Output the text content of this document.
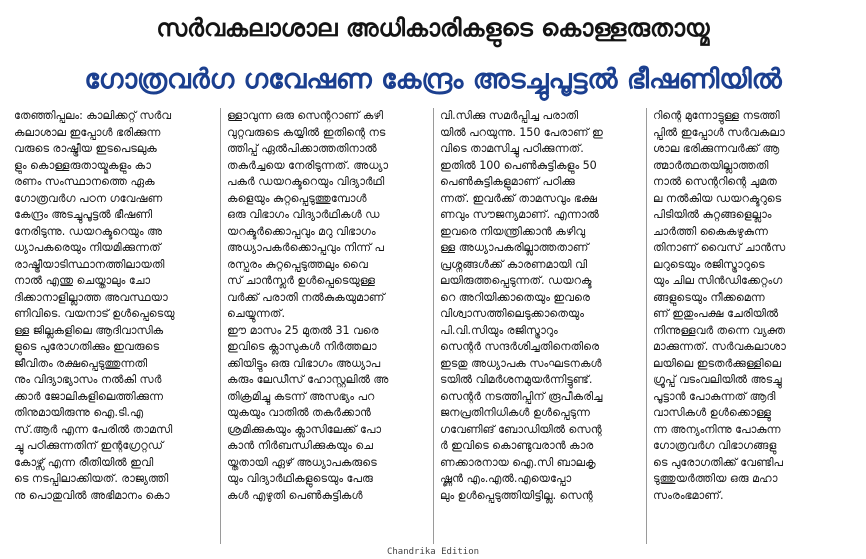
സർവകലാശാല അധികാരികളുടെ കൊള്ളരുതായ്മ
ഗോത്രവർഗ ഗവേഷണ കേന്ദ്രം അടച്ചുപൂട്ടൽ ഭീഷണിയിൽ
തേഞ്ഞിപ്പലം: കാലിക്കറ്റ് സർവ
കലാശാല ഇപ്പോൾ ഭരിക്കുന്ന
വരുടെ രാഷ്ട്രീയ ഇടപെടലുക
ളും കൊള്ളരുതായ്മകളും കാ
രണം സംസ്ഥാനത്തെ ഏക
ഗോത്രവർഗ പഠന ഗവേഷണ
കേന്ദ്രം അടച്ചുപൂട്ടൽ ഭീഷണി
നേരിടുന്നു. ഡയറക്ടറെയും അ
ധ്യാപകരെയും നിയമിക്കുന്നത്
രാഷ്ട്രീയാടിസ്ഥാനത്തിലായതി
നാൽ എന്തു ചെയ്താലും ചോ
ദിക്കാനാളില്ലാത്ത അവസ്ഥയാ
ണിവിടെ. വയനാട് ഉൾപ്പെടെയു
ള്ള ജില്ലകളിലെ ആദിവാസിക
ളുടെ പുരോഗതിക്കും ഇവരുടെ
ജീവിതം രക്ഷപ്പെടുത്തുന്നതി
നും വിദ്യാഭ്യാസം നൽകി സർ
ക്കാർ ജോലികളിലെത്തിക്കുന്ന
തിനുമായിരുന്നു ഐ.ടി.എ
സ്.ആർ എന്ന പേരിൽ താമസി
ച്ചു പഠിക്കുന്നതിന് ഇന്റഗ്രേറ്റഡ്
കോഴ്സ് എന്ന രീതിയിൽ ഇവി
ടെ നടപ്പിലാക്കിയത്. രാജ്യത്തി
നു പൊതുവിൽ അഭിമാനം കൊ
ള്ളാവുന്ന ഒരു സെന്ററാണ് കഴി
വുറ്റവരുടെ കയ്യിൽ ഇതിന്റെ നട
ത്തിപ്പ് ഏൽപിക്കാത്തതിനാൽ
തകർച്ചയെ നേരിടുന്നത്. അധ്യാ
പകർ ഡയറക്ടറെയും വിദ്യാർഥി
കളെയും കുറ്റപ്പെടുത്തുമ്പോൾ
ഒരു വിഭാഗം വിദ്യാർഥികൾ ഡ
യറക്ടർക്കൊപ്പവും മറു വിഭാഗം
അധ്യാപകർക്കൊപ്പവും നിന്ന് പ
രസ്പരം കുറ്റപ്പെടുത്തലും വൈ
സ് ചാൻസ്ലർ ഉൾപ്പെടെയുള്ള
വർക്ക് പരാതി നൽകുകയുമാണ്
ചെയ്യുന്നത്.
ഈ മാസം 25 മുതൽ 31 വരെ
ഇവിടെ ക്ലാസുകൾ നിർത്തലാ
ക്കിയിട്ടും ഒരു വിഭാഗം അധ്യാപ
കരും ലേഡീസ് ഹോസ്റ്റലിൽ അ
തിക്രമിച്ചു കടന്ന് അസഭ്യം പറ
യുകയും വാതിൽ തകർക്കാൻ
ശ്രമിക്കുകയും ക്ലാസിലേക്ക് പോ
കാൻ നിർബന്ധിക്കുകയും ചെ
യ്തതായി ഏഴ് അധ്യാപകരുടെ
യും വിദ്യാർഥികളുടെയും പേരു
കൾ എഴുതി പെൺകുട്ടികൾ
വി.സിക്കു സമർപ്പിച്ച പരാതി
യിൽ പറയുന്നു. 150 പേരാണ് ഇ
വിടെ താമസിച്ചു പഠിക്കുന്നത്.
ഇതിൽ 100 പെൺകുട്ടികളും 50
പെൺകുട്ടികളുമാണ് പഠിക്കു
ന്നത്. ഇവർക്ക് താമസവും ഭക്ഷ
ണവും സൗജന്യമാണ്. എന്നാൽ
ഇവരെ നിയന്ത്രിക്കാൻ കഴിവു
ള്ള അധ്യാപകരില്ലാത്തതാണ്
പ്രശ്നങ്ങൾക്ക് കാരണമായി വി
ലയിരുത്തപ്പെടുന്നത്. ഡയറക്ട
റെ അറിയിക്കാതെയും ഇവരെ
വിശ്വാസത്തിലെടുക്കാതെയും
പി.വി.സിയും രജിസ്ട്രാറും
സെന്റർ സന്ദർശിച്ചതിനെതിരെ
ഇടതു അധ്യാപക സംഘടനകൾ
ടയിൽ വിമർശനമുയർന്നിട്ടുണ്ട്.
സെന്റർ നടത്തിപ്പിന് രൂപീകരിച്ച
ജനപ്രതിനിധികൾ ഉൾപ്പെടുന്ന
ഗവേണിങ് ബോഡിയിൽ സെന്റ
ർ ഇവിടെ കൊണ്ടുവരാൻ കാര
ണക്കാരനായ ഐ.സി ബാലകൃ
ഷ്ണൻ എം.എൽ.എയെപ്പോ
ലും ഉൾപ്പെടുത്തിയിട്ടില്ല. സെന്റ
റിന്റെ മുന്നോട്ടുള്ള നടത്തി
പ്പിൽ ഇപ്പോൾ സർവകലാ
ശാല ഭരിക്കുന്നവർക്ക് ആ
ത്മാർത്ഥതയില്ലാത്തതി
നാൽ സെന്ററിന്റെ ചുമത
ല നൽകിയ ഡയറക്ടറുടെ
പിടിയിൽ കുറ്റങ്ങളെല്ലാം
ചാർത്തി കൈകഴുകുന്ന
തിനാണ് വൈസ് ചാൻസ
ലറുടെയും രജിസ്ട്രാറുടെ
യും ചില സിൻഡിക്കേറ്റംഗ
ങ്ങളുടെയും നീക്കമെന്ന
ണ് ഇതുംപക്ഷ ചേരിയിൽ
നിന്നുള്ളവർ തന്നെ വ്യക്ത
മാക്കുന്നത്. സർവകലാശാ
ലയിലെ ഇടതർക്കുള്ളിലെ
ഗ്രൂപ്പ് വടംവലിയിൽ അടച്ചു
പൂട്ടാൻ പോകുന്നത് ആദി
വാസികൾ ഉൾക്കൊള്ളു
ന്ന അന്യംനിന്നു പോകുന്ന
ഗോത്രവർഗ വിഭാഗങ്ങളു
ടെ പുരോഗതിക്ക് വേണ്ടിപ
ടുത്തുയർത്തിയ ഒരു മഹാ
സംരംഭമാണ്.
Chandrika Edition
